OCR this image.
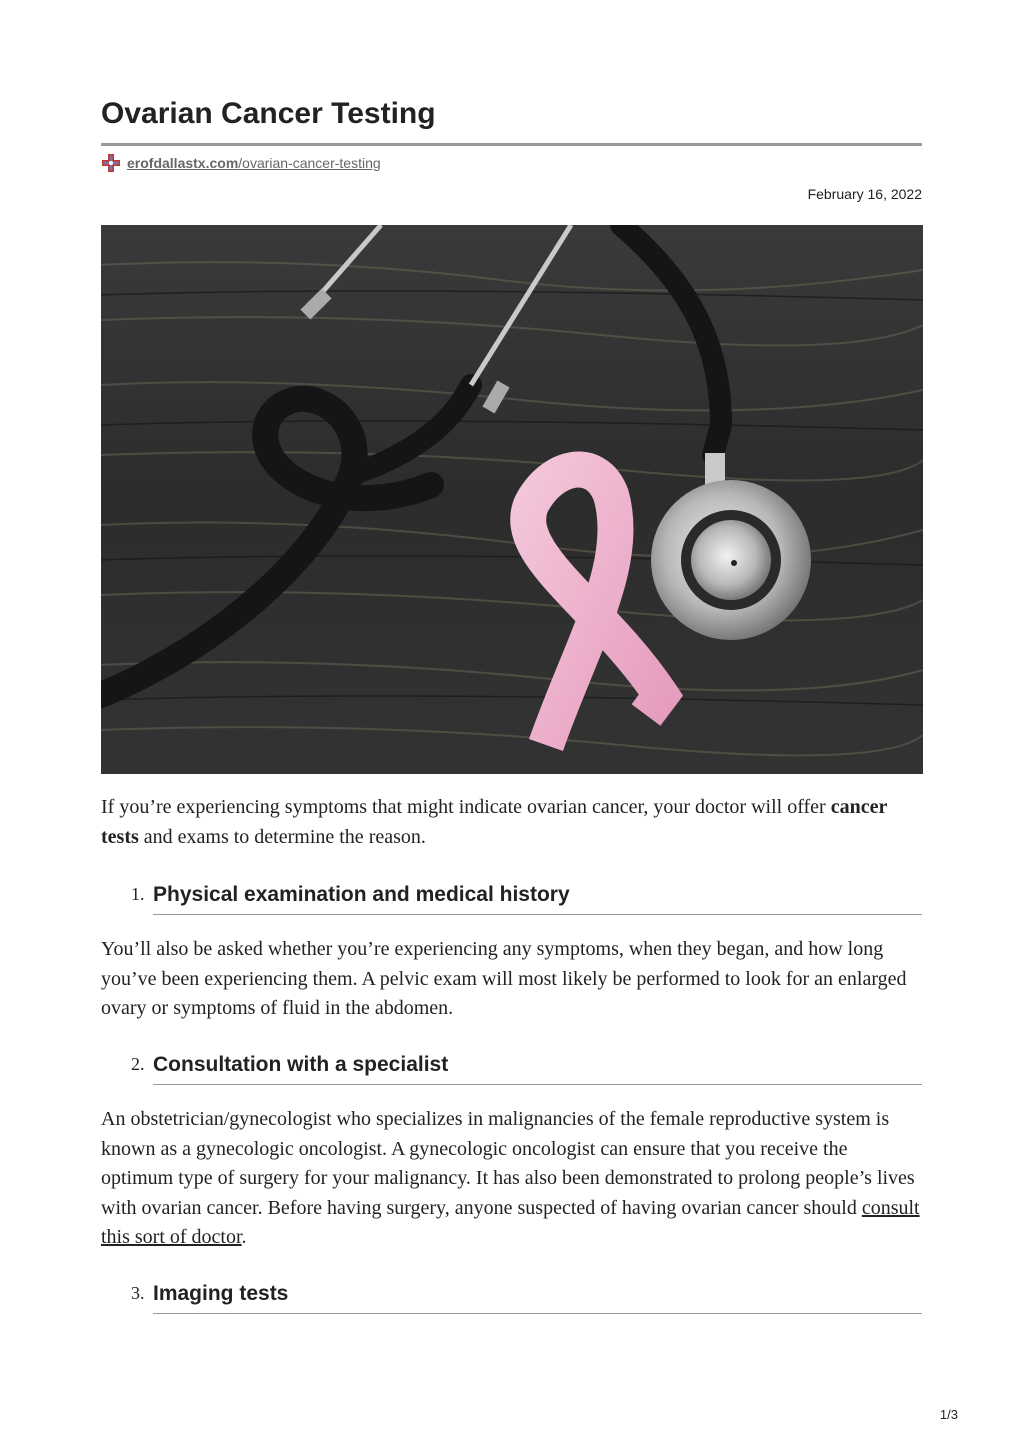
Ovarian Cancer Testing
erofdallastx.com/ovarian-cancer-testing
February 16, 2022

If you’re experiencing symptoms that might indicate ovarian cancer, your doctor will offer cancer tests and exams to determine the reason.

1. Physical examination and medical history

You’ll also be asked whether you’re experiencing any symptoms, when they began, and how long you’ve been experiencing them. A pelvic exam will most likely be performed to look for an enlarged ovary or symptoms of fluid in the abdomen.

2. Consultation with a specialist

An obstetrician/gynecologist who specializes in malignancies of the female reproductive system is known as a gynecologic oncologist. A gynecologic oncologist can ensure that you receive the optimum type of surgery for your malignancy. It has also been demonstrated to prolong people’s lives with ovarian cancer. Before having surgery, anyone suspected of having ovarian cancer should consult this sort of doctor.

3. Imaging tests
1/3
